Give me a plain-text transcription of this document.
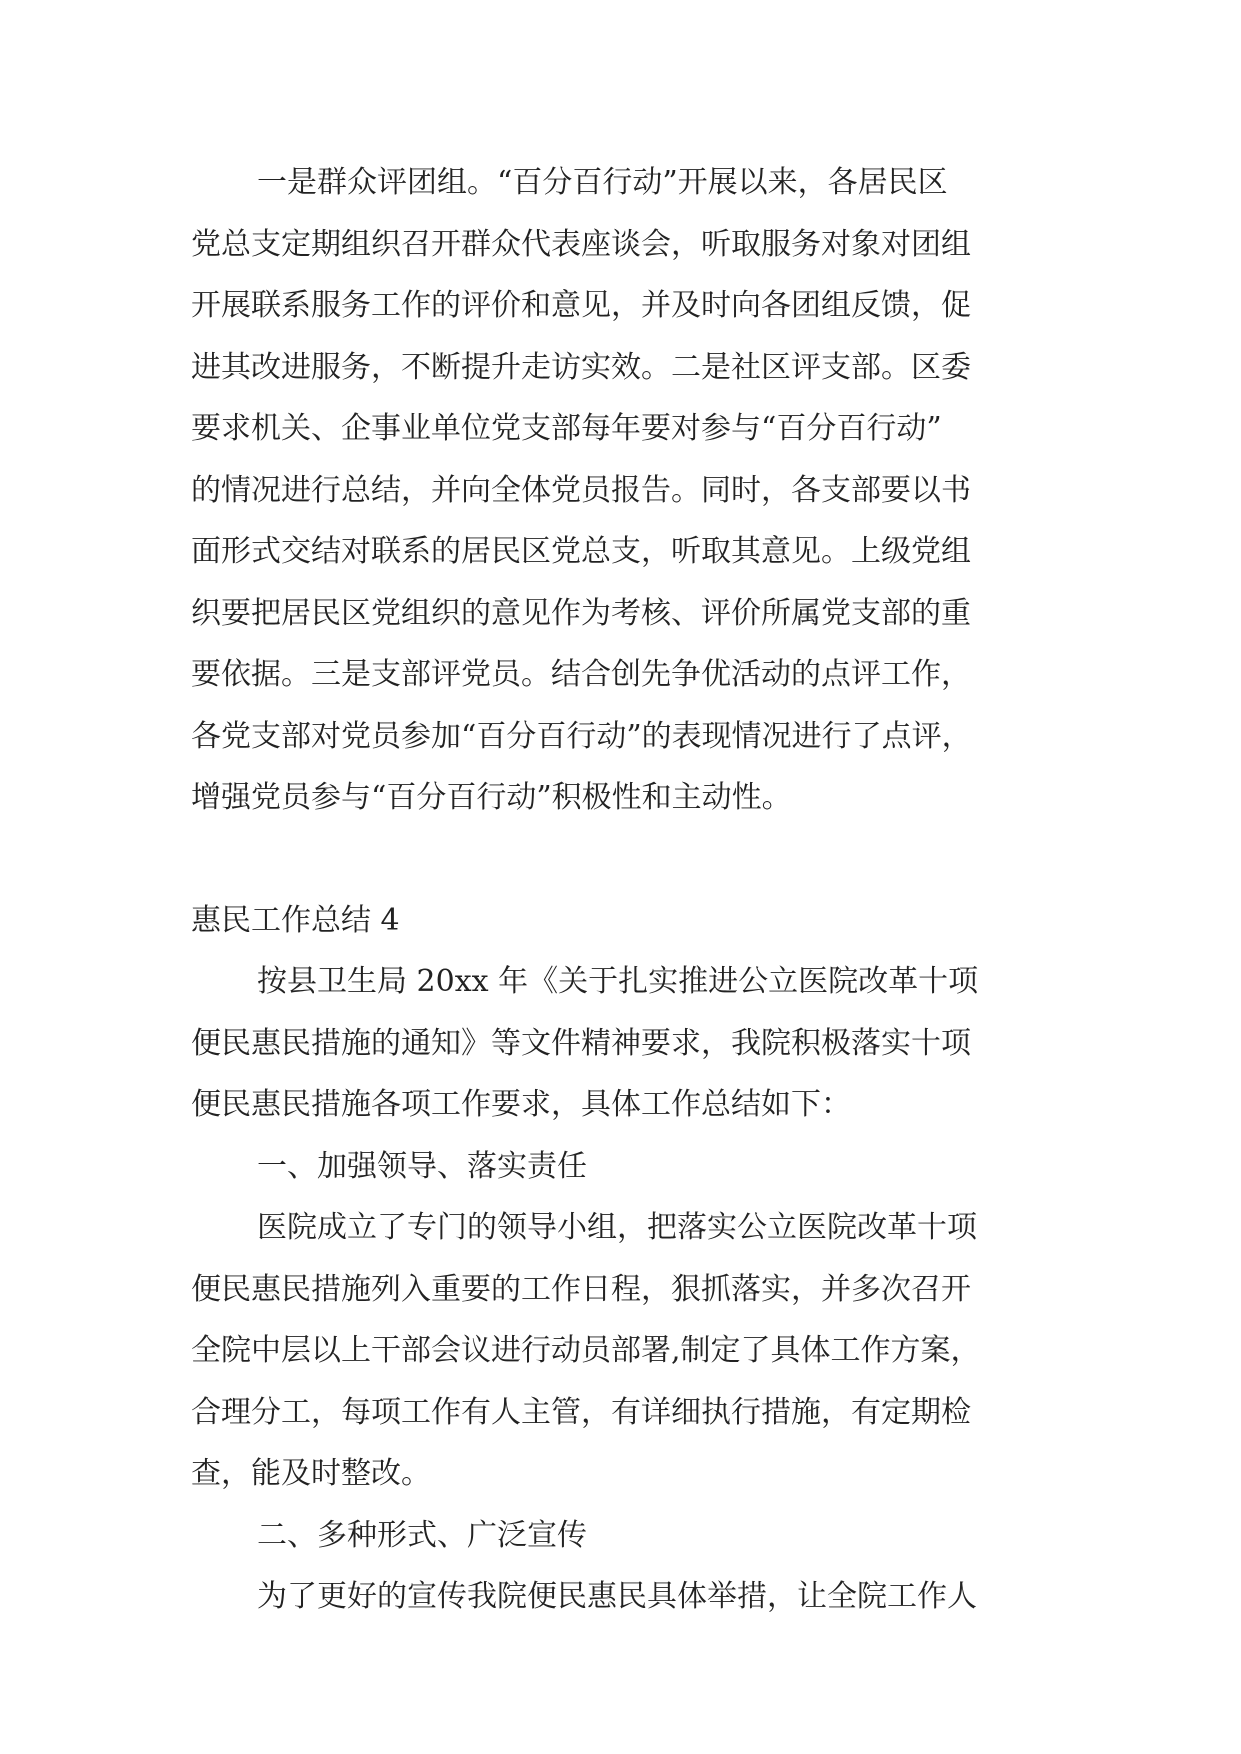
一是群众评团组。“百分百行动”开展以来，各居民区
党总支定期组织召开群众代表座谈会，听取服务对象对团组
开展联系服务工作的评价和意见，并及时向各团组反馈，促
进其改进服务，不断提升走访实效。二是社区评支部。区委
要求机关、企事业单位党支部每年要对参与“百分百行动”
的情况进行总结，并向全体党员报告。同时，各支部要以书
面形式交结对联系的居民区党总支，听取其意见。上级党组
织要把居民区党组织的意见作为考核、评价所属党支部的重
要依据。三是支部评党员。结合创先争优活动的点评工作，
各党支部对党员参加“百分百行动”的表现情况进行了点评，
增强党员参与“百分百行动”积极性和主动性。
惠民工作总结 4
按县卫生局 20xx 年《关于扎实推进公立医院改革十项
便民惠民措施的通知》等文件精神要求，我院积极落实十项
便民惠民措施各项工作要求，具体工作总结如下：
一、加强领导、落实责任
医院成立了专门的领导小组，把落实公立医院改革十项
便民惠民措施列入重要的工作日程，狠抓落实，并多次召开
全院中层以上干部会议进行动员部署,制定了具体工作方案，
合理分工，每项工作有人主管，有详细执行措施，有定期检
查，能及时整改。
二、多种形式、广泛宣传
为了更好的宣传我院便民惠民具体举措，让全院工作人
